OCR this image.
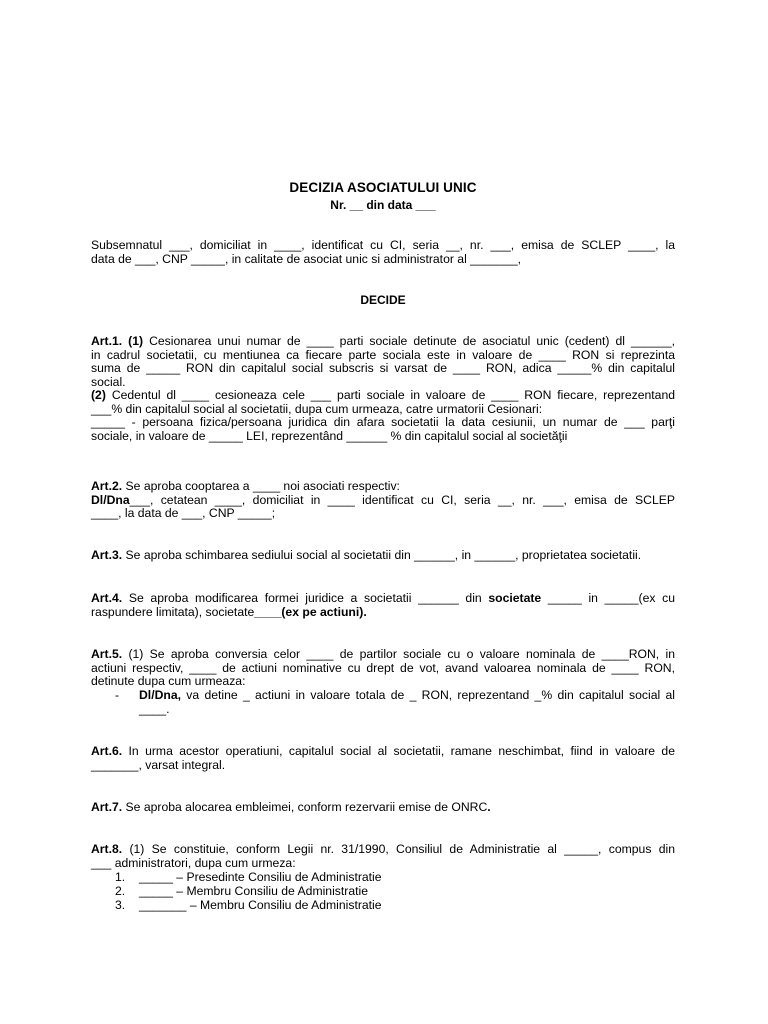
DECIZIA ASOCIATULUI UNIC
Nr. __ din data ___
Subsemnatul ___, domiciliat in ____, identificat cu CI, seria __, nr. ___, emisa de SCLEP ____, la
data de ___, CNP _____, in calitate de asociat unic si administrator al _______,
DECIDE
Art.1. (1) Cesionarea unui numar de ____ parti sociale detinute de asociatul unic (cedent) dl ______,
in cadrul societatii, cu mentiunea ca fiecare parte sociala este in valoare de ____ RON si reprezinta
suma de _____ RON din capitalul social subscris si varsat de ____ RON, adica _____% din capitalul
social.
(2) Cedentul dl ____ cesioneaza cele ___ parti sociale in valoare de ____ RON fiecare, reprezentand
___% din capitalul social al societatii, dupa cum urmeaza, catre urmatorii Cesionari:
_____ - persoana fizica/persoana juridica din afara societatii la data cesiunii, un numar de ___ parţi
sociale, in valoare de _____ LEI, reprezentând ______ % din capitalul social al societăţii
Art.2. Se aproba cooptarea a ____ noi asociati respectiv:
Dl/Dna___, cetatean ____, domiciliat in ____ identificat cu CI, seria __, nr. ___, emisa de SCLEP
____, la data de ___, CNP _____;
Art.3. Se aproba schimbarea sediului social al societatii din ______, in ______, proprietatea societatii.
Art.4. Se aproba modificarea formei juridice a societatii ______ din societate _____ in _____(ex cu
raspundere limitata), societate____(ex pe actiuni).
Art.5. (1) Se aproba conversia celor ____ de partilor sociale cu o valoare nominala de ____RON, in
actiuni respectiv, ____ de actiuni nominative cu drept de vot, avand valoarea nominala de ____ RON,
detinute dupa cum urmeaza:
- Dl/Dna, va detine _ actiuni in valoare totala de _ RON, reprezentand _% din capitalul social al
____.
Art.6. In urma acestor operatiuni, capitalul social al societatii, ramane neschimbat, fiind in valoare de
_______, varsat integral.
Art.7. Se aproba alocarea embleimei, conform rezervarii emise de ONRC.
Art.8. (1) Se constituie, conform Legii nr. 31/1990, Consiliul de Administratie al _____, compus din
___ administratori, dupa cum urmeza:
1.	_____ – Presedinte Consiliu de Administratie
2.	_____ – Membru Consiliu de Administratie
3.	_______ – Membru Consiliu de Administratie
